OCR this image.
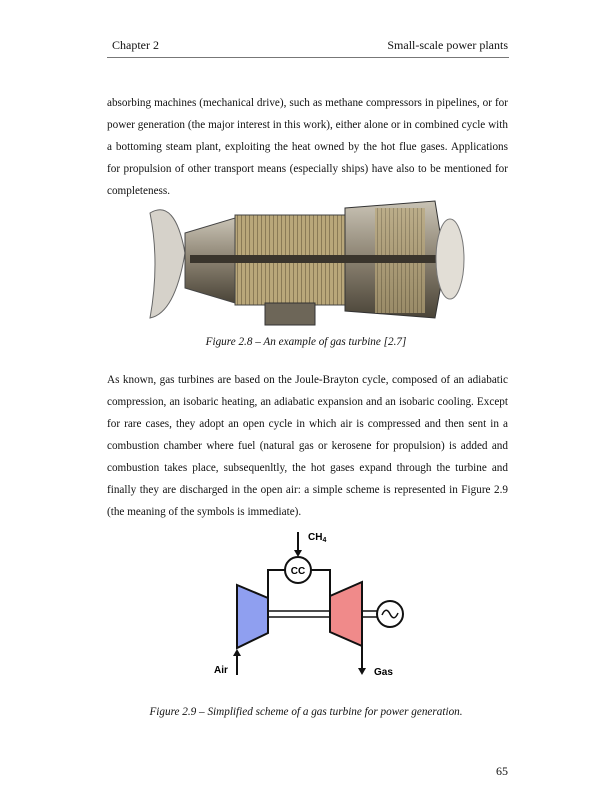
Chapter 2	Small-scale power plants
absorbing machines (mechanical drive), such as methane compressors in pipelines, or for power generation (the major interest in this work), either alone or in combined cycle with a bottoming steam plant, exploiting the heat owned by the hot flue gases. Applications for propulsion of other transport means (especially ships) have also to be mentioned for completeness.
Figure 2.8 – An example of gas turbine [2.7]
As known, gas turbines are based on the Joule-Brayton cycle, composed of an adiabatic compression, an isobaric heating, an adiabatic expansion and an isobaric cooling. Except for rare cases, they adopt an open cycle in which air is compressed and then sent in a combustion chamber where fuel (natural gas or kerosene for propulsion) is added and combustion takes place, subsequenltly, the hot gases expand through the turbine and finally they are discharged in the open air: a simple scheme is represented in Figure 2.9 (the meaning of the symbols is immediate).
$CH_4$
CC
Air	Gas
Figure 2.9 – Simplified scheme of a gas turbine for power generation.
65
